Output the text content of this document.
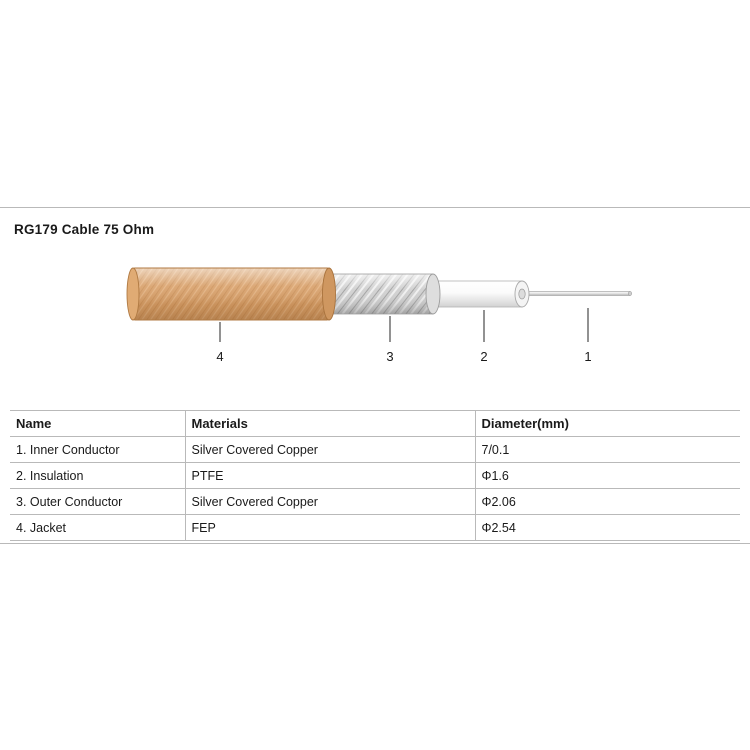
RG179 Cable 75 Ohm
1
2
3
4
Name	Materials	Diameter(mm)
1. Inner Conductor	Silver Covered Copper	7/0.1
2. Insulation	PTFE	Φ1.6
3. Outer Conductor	Silver Covered Copper	Φ2.06
4. Jacket	FEP	Φ2.54
